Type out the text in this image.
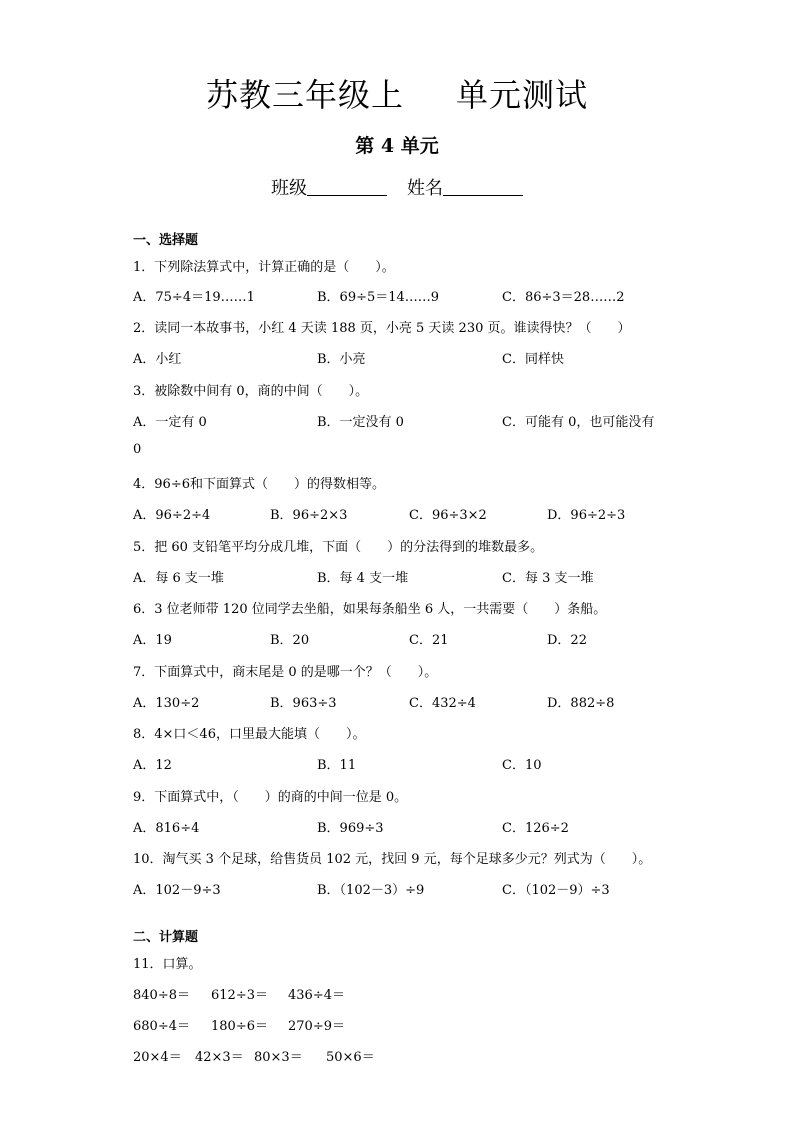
苏教三年级上 单元测试
第 4 单元
班级	姓名
一、选择题
1．下列除法算式中，计算正确的是（　　）。
A．75÷4＝19……1	B．69÷5＝14……9	C．86÷3＝28……2
2．读同一本故事书，小红 4 天读 188 页，小亮 5 天读 230 页。谁读得快？（　　）
A．小红	B．小亮	C．同样快
3．被除数中间有 0，商的中间（　　）。
A．一定有 0	B．一定没有 0	C．可能有 0，也可能没有
0
4．96÷6和下面算式（　　）的得数相等。
A．96÷2÷4	B．96÷2×3	C．96÷3×2	D．96÷2÷3
5．把 60 支铅笔平均分成几堆，下面（　　）的分法得到的堆数最多。
A．每 6 支一堆	B．每 4 支一堆	C．每 3 支一堆
6．3 位老师带 120 位同学去坐船，如果每条船坐 6 人，一共需要（　　）条船。
A．19	B．20	C．21	D．22
7．下面算式中，商末尾是 0 的是哪一个？（　　）。
A．130÷2	B．963÷3	C．432÷4	D．882÷8
8．4×口＜46，口里最大能填（　　）。
A．12	B．11	C．10
9．下面算式中，（　　）的商的中间一位是 0。
A．816÷4	B．969÷3	C．126÷2
10．淘气买 3 个足球，给售货员 102 元，找回 9 元，每个足球多少元？列式为（　　）。
A．102－9÷3	B．（102－3）÷9	C．（102－9）÷3
二、计算题
11．口算。
840÷8＝ 612÷3＝ 436÷4＝
680÷4＝ 180÷6＝ 270÷9＝
20×4＝ 42×3＝ 80×3＝ 50×6＝
